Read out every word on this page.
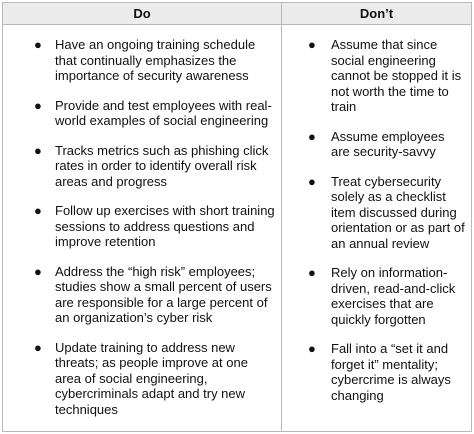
Do	Don’t
● Have an ongoing training schedule that continually emphasizes the importance of security awareness
● Provide and test employees with real-world examples of social engineering
● Tracks metrics such as phishing click rates in order to identify overall risk areas and progress
● Follow up exercises with short training sessions to address questions and improve retention
● Address the “high risk” employees; studies show a small percent of users are responsible for a large percent of an organization’s cyber risk
● Update training to address new threats; as people improve at one area of social engineering, cybercriminals adapt and try new techniques
● Assume that since social engineering cannot be stopped it is not worth the time to train
● Assume employees are security-savvy
● Treat cybersecurity solely as a checklist item discussed during orientation or as part of an annual review
● Rely on information-driven, read-and-click exercises that are quickly forgotten
● Fall into a “set it and forget it” mentality; cybercrime is always changing
